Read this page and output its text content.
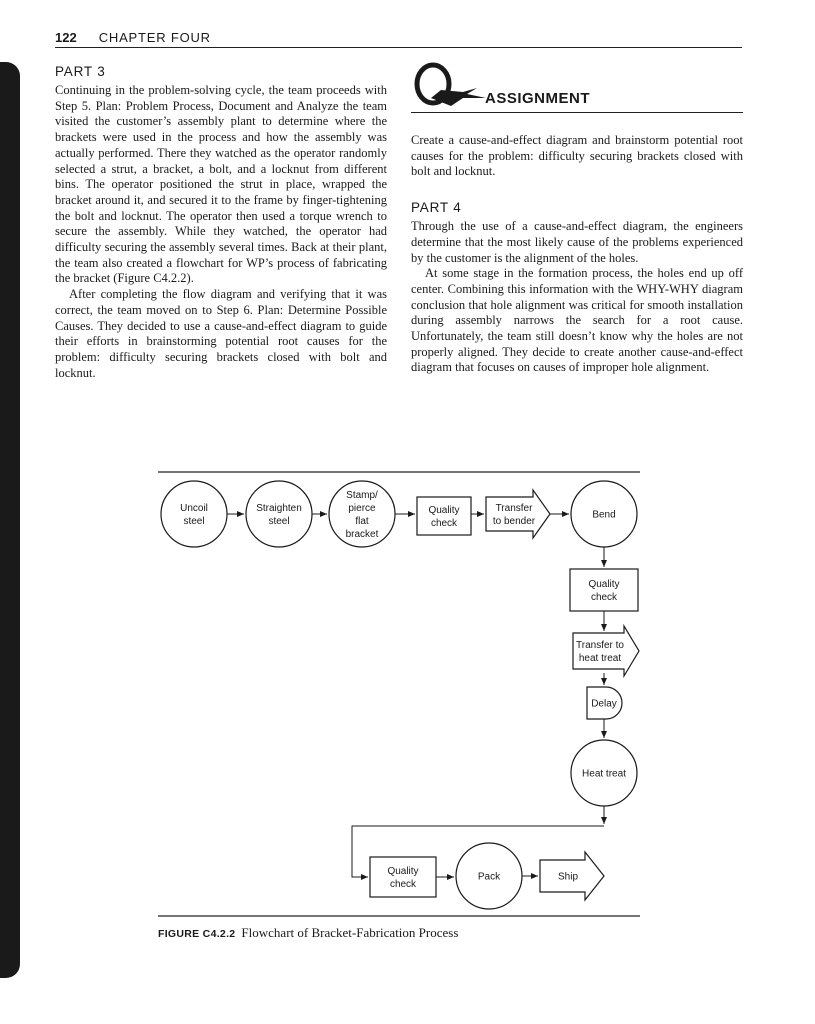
122 CHAPTER FOUR
PART 3

Continuing in the problem-solving cycle, the team proceeds with Step 5. Plan: Problem Process, Document and Analyze the team visited the customer’s assembly plant to determine where the brackets were used in the process and how the assembly was actually performed. There they watched as the operator randomly selected a strut, a bracket, a bolt, and a locknut from different bins. The operator positioned the strut in place, wrapped the bracket around it, and secured it to the frame by finger-tightening the bolt and locknut. The operator then used a torque wrench to secure the assembly. While they watched, the operator had difficulty securing the assembly several times. Back at their plant, the team also created a flowchart for WP’s process of fabricating the bracket (Figure C4.2.2).

After completing the flow diagram and verifying that it was correct, the team moved on to Step 6. Plan: Determine Possible Causes. They decided to use a cause-and-effect diagram to guide their efforts in brainstorming potential root causes for the problem: difficulty securing brackets closed with bolt and locknut.

ASSIGNMENT

Create a cause-and-effect diagram and brainstorm potential root causes for the problem: difficulty securing brackets closed with bolt and locknut.

PART 4

Through the use of a cause-and-effect diagram, the engineers determine that the most likely cause of the problems experienced by the customer is the alignment of the holes.

At some stage in the formation process, the holes end up off center. Combining this information with the WHY-WHY diagram conclusion that hole alignment was critical for smooth installation during assembly narrows the search for a root cause. Unfortunately, the team still doesn’t know why the holes are not properly aligned. They decide to create another cause-and-effect diagram that focuses on causes of improper hole alignment.

Uncoil steel
Straighten steel
Stamp/ pierce flat bracket
Quality check
Transfer to bender
Bend
Quality check
Transfer to heat treat
Delay
Heat treat
Quality check
Pack	Ship
FIGURE C4.2.2 Flowchart of Bracket-Fabrication Process
